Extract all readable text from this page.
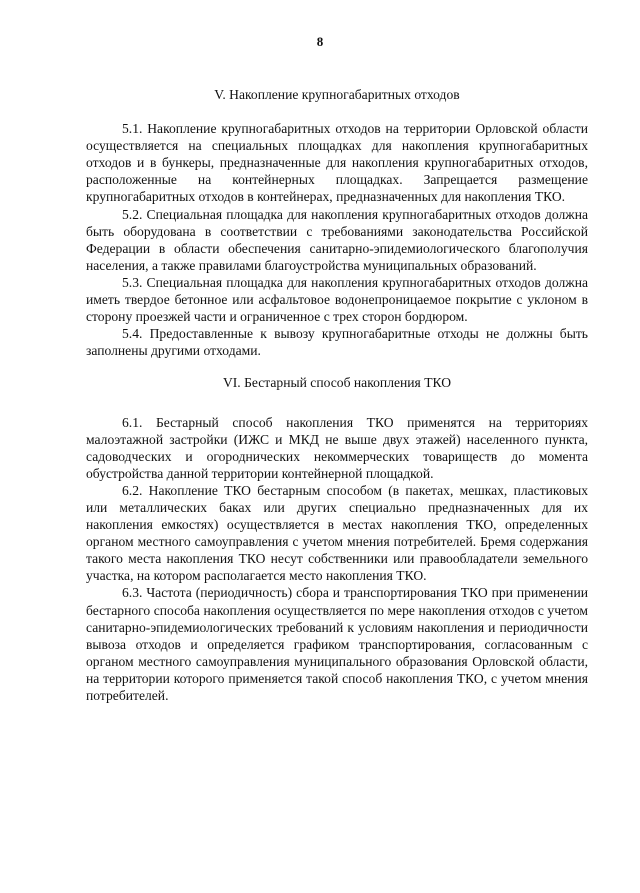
8
V. Накопление крупногабаритных отходов

5.1. Накопление крупногабаритных отходов на территории Орловской области осуществляется на специальных площадках для накопления крупногабаритных отходов и в бункеры, предназначенные для накопления крупногабаритных отходов, расположенные на контейнерных площадках. Запрещается размещение крупногабаритных отходов в контейнерах, предназначенных для накопления ТКО.

5.2. Специальная площадка для накопления крупногабаритных отходов должна быть оборудована в соответствии с требованиями законодательства Российской Федерации в области обеспечения санитарно-эпидемиологического благополучия населения, а также правилами благоустройства муниципальных образований.

5.3. Специальная площадка для накопления крупногабаритных отходов должна иметь твердое бетонное или асфальтовое водонепроницаемое покрытие с уклоном в сторону проезжей части и ограниченное с трех сторон бордюром.

5.4. Предоставленные к вывозу крупногабаритные отходы не должны быть заполнены другими отходами.

VI. Бестарный способ накопления ТКО

6.1. Бестарный способ накопления ТКО применятся на территориях малоэтажной застройки (ИЖС и МКД не выше двух этажей) населенного пункта, садоводческих и огороднических некоммерческих товариществ до момента обустройства данной территории контейнерной площадкой.

6.2. Накопление ТКО бестарным способом (в пакетах, мешках, пластиковых или металлических баках или других специально предназначенных для их накопления емкостях) осуществляется в местах накопления ТКО, определенных органом местного самоуправления с учетом мнения потребителей. Бремя содержания такого места накопления ТКО несут собственники или правообладатели земельного участка, на котором располагается место накопления ТКО.

6.3. Частота (периодичность) сбора и транспортирования ТКО при применении бестарного способа накопления осуществляется по мере накопления отходов с учетом санитарно-эпидемиологических требований к условиям накопления и периодичности вывоза отходов и определяется графиком транспортирования, согласованным с органом местного самоуправления муниципального образования Орловской области, на территории которого применяется такой способ накопления ТКО, с учетом мнения потребителей.
